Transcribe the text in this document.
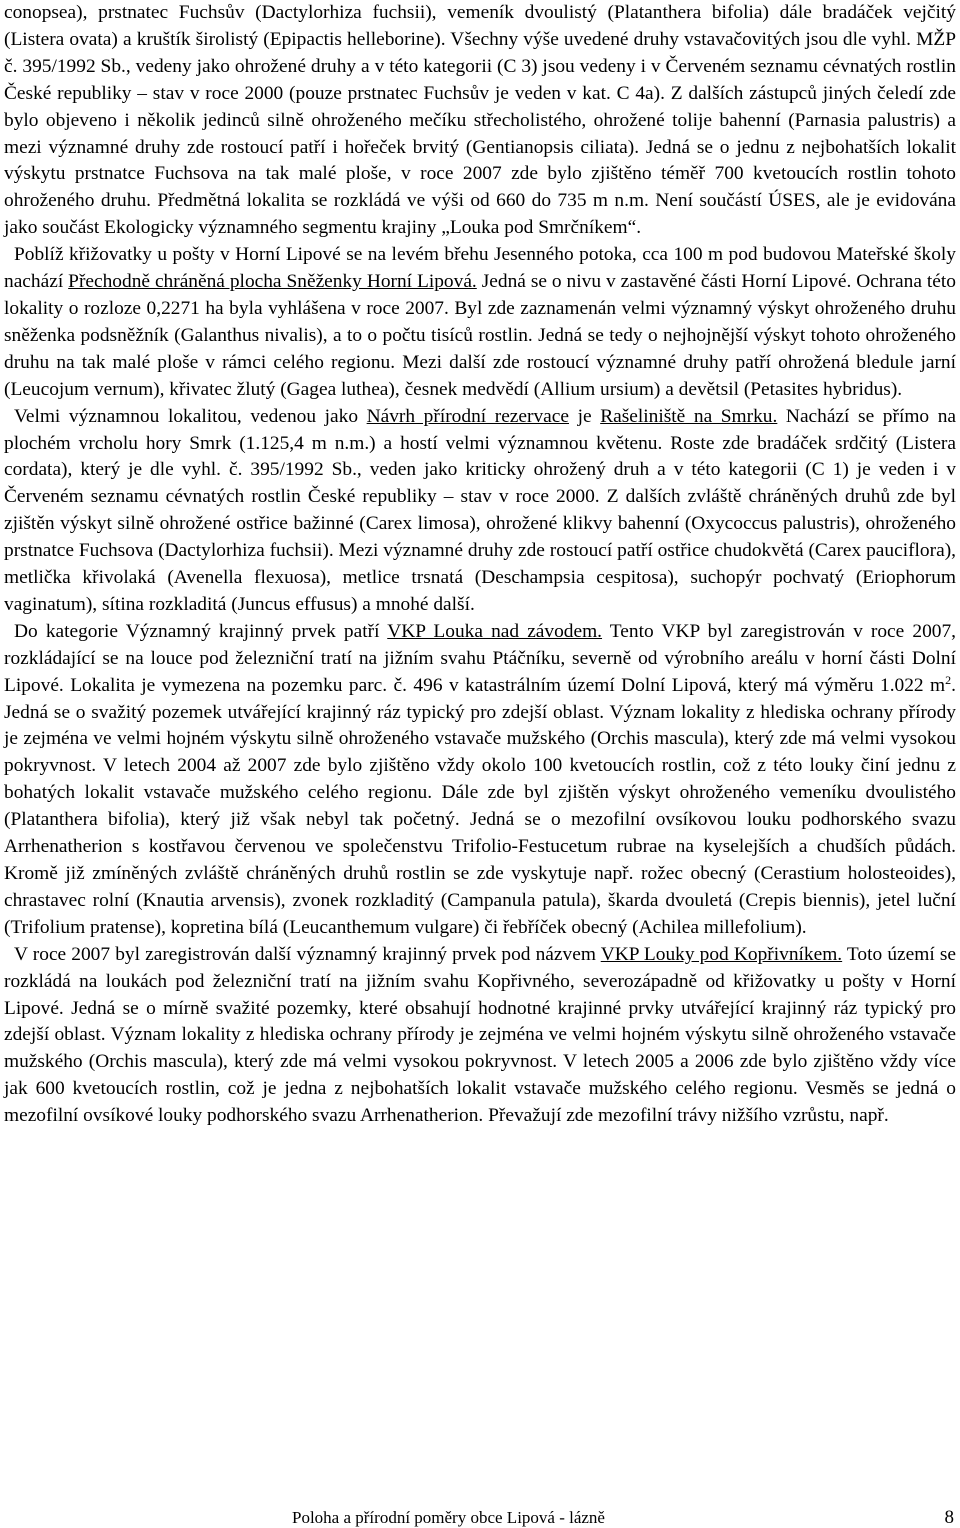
conopsea), prstnatec Fuchsův (Dactylorhiza fuchsii), vemeník dvoulistý (Platanthera bifolia) dále bradáček vejčitý (Listera ovata) a kruštík širolistý (Epipactis helleborine). Všechny výše uvedené druhy vstavačovitých jsou dle vyhl. MŽP č. 395/1992 Sb., vedeny jako ohrožené druhy a v této kategorii (C 3) jsou vedeny i v Červeném seznamu cévnatých rostlin České republiky – stav v roce 2000 (pouze prstnatec Fuchsův je veden v kat. C 4a). Z dalších zástupců jiných čeledí zde bylo objeveno i několik jedinců silně ohroženého mečíku střecholistého, ohrožené tolije bahenní (Parnasia palustris) a mezi významné druhy zde rostoucí patří i hořeček brvitý (Gentianopsis ciliata). Jedná se o jednu z nejbohatších lokalit výskytu prstnatce Fuchsova na tak malé ploše, v roce 2007 zde bylo zjištěno téměř 700 kvetoucích rostlin tohoto ohroženého druhu. Předmětná lokalita se rozkládá ve výši od 660 do 735 m n.m. Není součástí ÚSES, ale je evidována jako součást Ekologicky významného segmentu krajiny „Louka pod Smrčníkem“.

Poblíž křižovatky u pošty v Horní Lipové se na levém břehu Jesenného potoka, cca 100 m pod budovou Mateřské školy nachází Přechodně chráněná plocha Sněženky Horní Lipová. Jedná se o nivu v zastavěné části Horní Lipové. Ochrana této lokality o rozloze 0,2271 ha byla vyhlášena v roce 2007. Byl zde zaznamenán velmi významný výskyt ohroženého druhu sněženka podsněžník (Galanthus nivalis), a to o počtu tisíců rostlin. Jedná se tedy o nejhojnější výskyt tohoto ohroženého druhu na tak malé ploše v rámci celého regionu. Mezi další zde rostoucí významné druhy patří ohrožená bledule jarní (Leucojum vernum), křivatec žlutý (Gagea luthea), česnek medvědí (Allium ursium) a devětsil (Petasites hybridus).

Velmi významnou lokalitou, vedenou jako Návrh přírodní rezervace je Rašeliniště na Smrku. Nachází se přímo na plochém vrcholu hory Smrk (1.125,4 m n.m.) a hostí velmi významnou květenu. Roste zde bradáček srdčitý (Listera cordata), který je dle vyhl. č. 395/1992 Sb., veden jako kriticky ohrožený druh a v této kategorii (C 1) je veden i v Červeném seznamu cévnatých rostlin České republiky – stav v roce 2000. Z dalších zvláště chráněných druhů zde byl zjištěn výskyt silně ohrožené ostřice bažinné (Carex limosa), ohrožené klikvy bahenní (Oxycoccus palustris), ohroženého prstnatce Fuchsova (Dactylorhiza fuchsii). Mezi významné druhy zde rostoucí patří ostřice chudokvětá (Carex pauciflora), metlička křivolaká (Avenella flexuosa), metlice trsnatá (Deschampsia cespitosa), suchopýr pochvatý (Eriophorum vaginatum), sítina rozkladitá (Juncus effusus) a mnohé další.

Do kategorie Významný krajinný prvek patří VKP Louka nad závodem. Tento VKP byl zaregistrován v roce 2007, rozkládající se na louce pod železniční tratí na jižním svahu Ptáčníku, severně od výrobního areálu v horní části Dolní Lipové. Lokalita je vymezena na pozemku parc. č. 496 v katastrálním území Dolní Lipová, který má výměru 1.022 $m^2$. Jedná se o svažitý pozemek utvářející krajinný ráz typický pro zdejší oblast. Význam lokality z hlediska ochrany přírody je zejména ve velmi hojném výskytu silně ohroženého vstavače mužského (Orchis mascula), který zde má velmi vysokou pokryvnost. V letech 2004 až 2007 zde bylo zjištěno vždy okolo 100 kvetoucích rostlin, což z této louky činí jednu z bohatých lokalit vstavače mužského celého regionu. Dále zde byl zjištěn výskyt ohroženého vemeníku dvoulistého (Platanthera bifolia), který již však nebyl tak početný. Jedná se o mezofilní ovsíkovou louku podhorského svazu Arrhenatherion s kostřavou červenou ve společenstvu Trifolio-Festucetum rubrae na kyselejších a chudších půdách. Kromě již zmíněných zvláště chráněných druhů rostlin se zde vyskytuje např. rožec obecný (Cerastium holosteoides), chrastavec rolní (Knautia arvensis), zvonek rozkladitý (Campanula patula), škarda dvouletá (Crepis biennis), jetel luční (Trifolium pratense), kopretina bílá (Leucanthemum vulgare) či řebříček obecný (Achilea millefolium).

V roce 2007 byl zaregistrován další významný krajinný prvek pod názvem VKP Louky pod Kopřivníkem. Toto území se rozkládá na loukách pod železniční tratí na jižním svahu Kopřivného, severozápadně od křižovatky u pošty v Horní Lipové. Jedná se o mírně svažité pozemky, které obsahují hodnotné krajinné prvky utvářející krajinný ráz typický pro zdejší oblast. Význam lokality z hlediska ochrany přírody je zejména ve velmi hojném výskytu silně ohroženého vstavače mužského (Orchis mascula), který zde má velmi vysokou pokryvnost. V letech 2005 a 2006 zde bylo zjištěno vždy více jak 600 kvetoucích rostlin, což je jedna z nejbohatších lokalit vstavače mužského celého regionu. Vesměs se jedná o mezofilní ovsíkové louky podhorského svazu Arrhenatherion. Převažují zde mezofilní trávy nižšího vzrůstu, např.

Poloha a přírodní poměry obce Lipová - lázně	8
